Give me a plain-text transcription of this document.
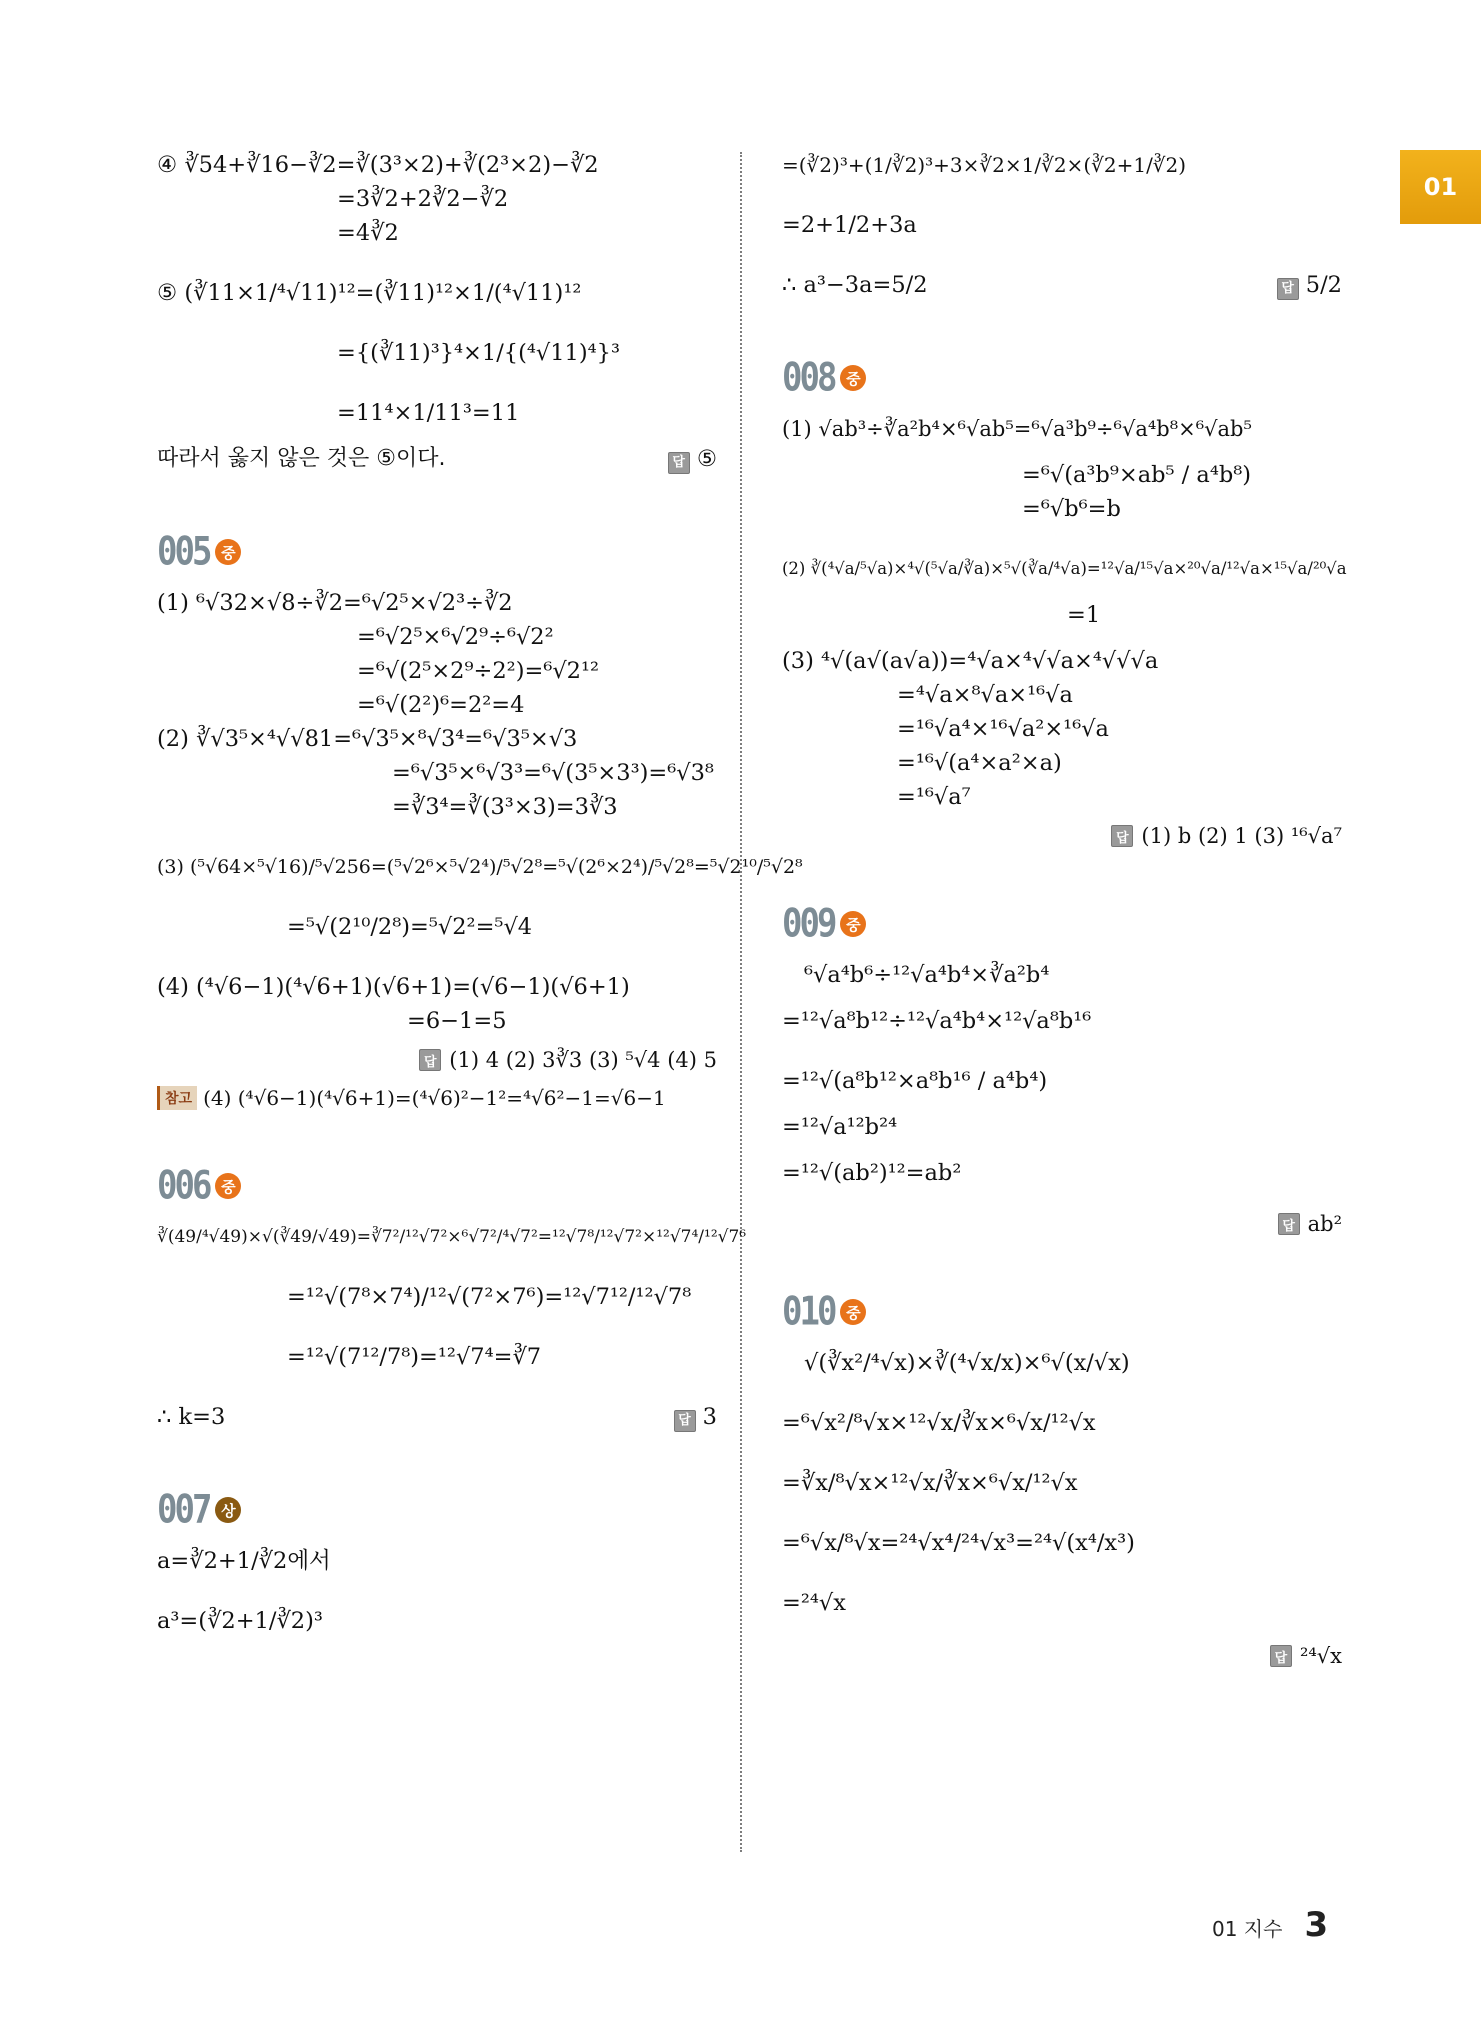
01

④ ∛54+∛16−∛2=∛(3³×2)+∛(2³×2)−∛2

=3∛2+2∛2−∛2

=4∛2

⑤ (∛11×1/⁴√11)¹²=(∛11)¹²×1/(⁴√11)¹²

={(∛11)³}⁴×1/{(⁴√11)⁴}³

=11⁴×1/11³=11

따라서 옳지 않은 것은 ⑤이다.	답 ⑤
005 중

(1) ⁶√32×√8÷∛2=⁶√2⁵×√2³÷∛2

=⁶√2⁵×⁶√2⁹÷⁶√2²

=⁶√(2⁵×2⁹÷2²)=⁶√2¹²

=⁶√(2²)⁶=2²=4

(2) ∛√3⁵×⁴√√81=⁶√3⁵×⁸√3⁴=⁶√3⁵×√3

=⁶√3⁵×⁶√3³=⁶√(3⁵×3³)=⁶√3⁸

=∛3⁴=∛(3³×3)=3∛3

(3) (⁵√64×⁵√16)/⁵√256=(⁵√2⁶×⁵√2⁴)/⁵√2⁸=⁵√(2⁶×2⁴)/⁵√2⁸=⁵√2¹⁰/⁵√2⁸

=⁵√(2¹⁰/2⁸)=⁵√2²=⁵√4

(4) (⁴√6−1)(⁴√6+1)(√6+1)=(√6−1)(√6+1)

=6−1=5

답 (1) 4 (2) 3∛3 (3) ⁵√4 (4) 5
참고 (4) (⁴√6−1)(⁴√6+1)=(⁴√6)²−1²=⁴√6²−1=√6−1
006 중

∛(49/⁴√49)×√(∛49/√49)=∛7²/¹²√7²×⁶√7²/⁴√7²=¹²√7⁸/¹²√7²×¹²√7⁴/¹²√7⁶

=¹²√(7⁸×7⁴)/¹²√(7²×7⁶)=¹²√7¹²/¹²√7⁸

=¹²√(7¹²/7⁸)=¹²√7⁴=∛7

∴ k=3	답 3
007 상

a=∛2+1/∛2에서

a³=(∛2+1/∛2)³

=(∛2)³+(1/∛2)³+3×∛2×1/∛2×(∛2+1/∛2)

=2+1/2+3a

∴ a³−3a=5/2	답 5/2
008 중

(1) √ab³÷∛a²b⁴×⁶√ab⁵=⁶√a³b⁹÷⁶√a⁴b⁸×⁶√ab⁵

=⁶√(a³b⁹×ab⁵ / a⁴b⁸)

=⁶√b⁶=b

(2) ∛(⁴√a/⁵√a)×⁴√(⁵√a/∛a)×⁵√(∛a/⁴√a)=¹²√a/¹⁵√a×²⁰√a/¹²√a×¹⁵√a/²⁰√a

=1

(3) ⁴√(a√(a√a))=⁴√a×⁴√√a×⁴√√√a

=⁴√a×⁸√a×¹⁶√a

=¹⁶√a⁴×¹⁶√a²×¹⁶√a

=¹⁶√(a⁴×a²×a)

=¹⁶√a⁷

답 (1) b (2) 1 (3) ¹⁶√a⁷
009 중

⁶√a⁴b⁶÷¹²√a⁴b⁴×∛a²b⁴

=¹²√a⁸b¹²÷¹²√a⁴b⁴×¹²√a⁸b¹⁶

=¹²√(a⁸b¹²×a⁸b¹⁶ / a⁴b⁴)

=¹²√a¹²b²⁴

=¹²√(ab²)¹²=ab²

답 ab²
010 중

√(∛x²/⁴√x)×∛(⁴√x/x)×⁶√(x/√x)

=⁶√x²/⁸√x×¹²√x/∛x×⁶√x/¹²√x

=∛x/⁸√x×¹²√x/∛x×⁶√x/¹²√x

=⁶√x/⁸√x=²⁴√x⁴/²⁴√x³=²⁴√(x⁴/x³)

=²⁴√x

답 ²⁴√x
01 지수 3
